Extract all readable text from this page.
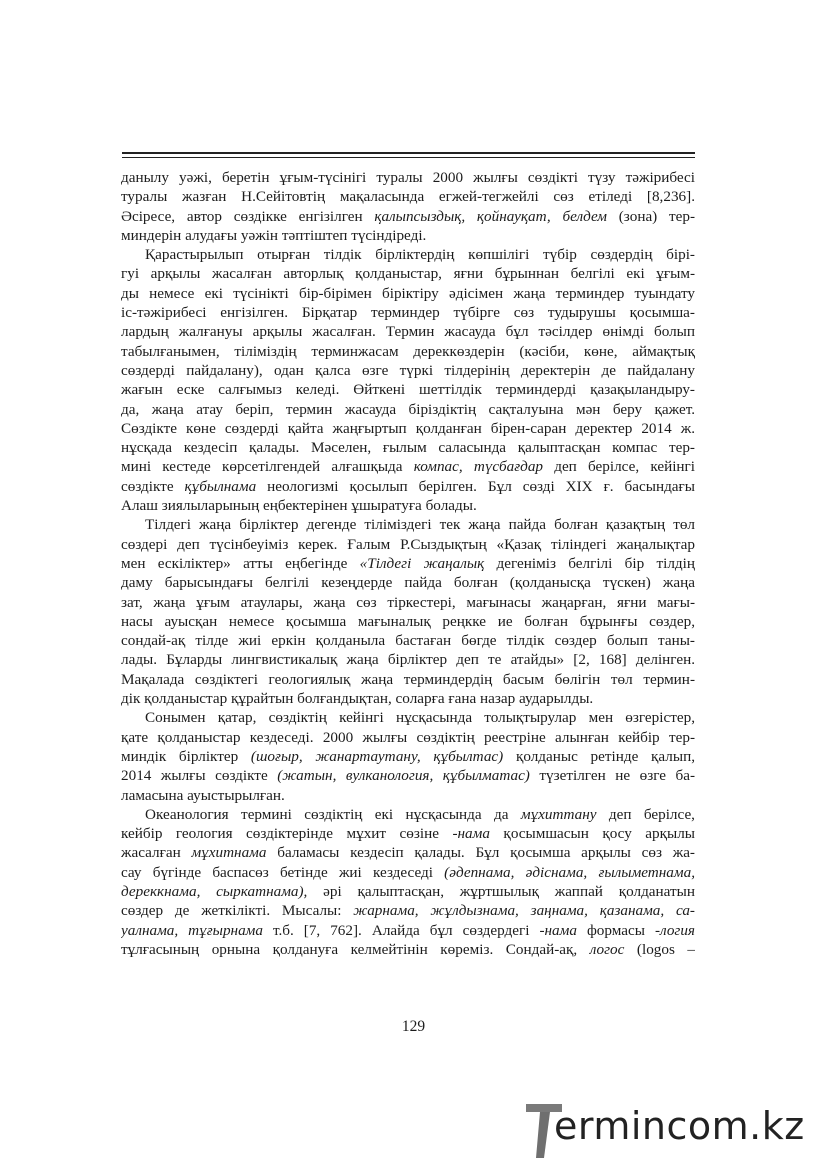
данылу уәжі, беретін ұғым-түсінігі туралы 2000 жылғы сөздікті түзу тәжірибесі
туралы жазған Н.Сейітовтің мақаласында егжей-тегжейлі сөз етіледі [8,236].
Әсіресе, автор сөздікке енгізілген қалыпсыздық, қойнауқат, белдем (зона) тер-
миндерін алудағы уәжін тәптіштеп түсіндіреді.
Қарастырылып отырған тілдік бірліктердің көпшілігі түбір сөздердің бірі-
гуі арқылы жасалған авторлық қолданыстар, яғни бұрыннан белгілі екі ұғым-
ды немесе екі түсінікті бір-бірімен біріктіру әдісімен жаңа терминдер туындату
іс-тәжірибесі енгізілген. Бірқатар терминдер түбірге сөз тудырушы қосымша-
лардың жалғануы арқылы жасалған. Термин жасауда бұл тәсілдер өнімді болып
табылғанымен, тіліміздің терминжасам дереккөздерін (кәсіби, көне, аймақтық
сөздерді пайдалану), одан қалса өзге түркі тілдерінің деректерін де пайдалану
жағын еске салғымыз келеді. Өйткені шеттілдік терминдерді қазақыландыру-
да, жаңа атау беріп, термин жасауда біріздіктің сақталуына мән беру қажет.
Сөздікте көне сөздерді қайта жаңғыртып қолданған бірен-саран деректер 2014 ж.
нұсқада кездесіп қалады. Мәселен, ғылым саласында қалыптасқан компас тер-
мині кестеде көрсетілгендей алғашқыда компас, түсбағдар деп берілсе, кейінгі
сөздікте құбылнама неологизмі қосылып берілген. Бұл сөзді XIX ғ. басындағы
Алаш зиялыларының еңбектерінен ұшыратуға болады.
Тілдегі жаңа бірліктер дегенде тіліміздегі тек жаңа пайда болған қазақтың төл
сөздері деп түсінбеуіміз керек. Ғалым Р.Сыздықтың «Қазақ тіліндегі жаңалықтар
мен ескіліктер» атты еңбегінде «Тілдегі жаңалық дегеніміз белгілі бір тілдің
даму барысындағы белгілі кезеңдерде пайда болған (қолданысқа түскен) жаңа
зат, жаңа ұғым атаулары, жаңа сөз тіркестері, мағынасы жаңарған, яғни мағы-
насы ауысқан немесе қосымша мағыналық реңкке ие болған бұрынғы сөздер,
сондай-ақ тілде жиі еркін қолданыла бастаған бөгде тілдік сөздер болып таны-
лады. Бұларды лингвистикалық жаңа бірліктер деп те атайды» [2, 168] делінген.
Мақалада сөздіктегі геологиялық жаңа терминдердің басым бөлігін төл термин-
дік қолданыстар құрайтын болғандықтан, соларға ғана назар аударылды.
Сонымен қатар, сөздіктің кейінгі нұсқасында толықтырулар мен өзгерістер,
қате қолданыстар кездеседі. 2000 жылғы сөздіктің реестріне алынған кейбір тер-
миндік бірліктер (шоғыр, жанартаутану, құбылтас) қолданыс ретінде қалып,
2014 жылғы сөздікте (жатын, вулканология, құбылматас) түзетілген не өзге ба-
ламасына ауыстырылған.
Океанология термині сөздіктің екі нұсқасында да мұхиттану деп берілсе,
кейбір геология сөздіктерінде мұхит сөзіне -нама қосымшасын қосу арқылы
жасалған мұхитнама баламасы кездесіп қалады. Бұл қосымша арқылы сөз жа-
сау бүгінде баспасөз бетінде жиі кездеседі (әдепнама, әдіснама, ғылыметнама,
дереккнама, сыркатнама), әрі қалыптасқан, жұртшылық жаппай қолданатын
сөздер де жеткілікті. Мысалы: жарнама, жұлдызнама, заңнама, қазанама, са-
уалнама, тұғырнама т.б. [7, 762]. Алайда бұл сөздердегі -нама формасы -логия
тұлғасының орнына қолдануға келмейтінін көреміз. Сондай-ақ, логос (logos –
129
ermincom.kz
